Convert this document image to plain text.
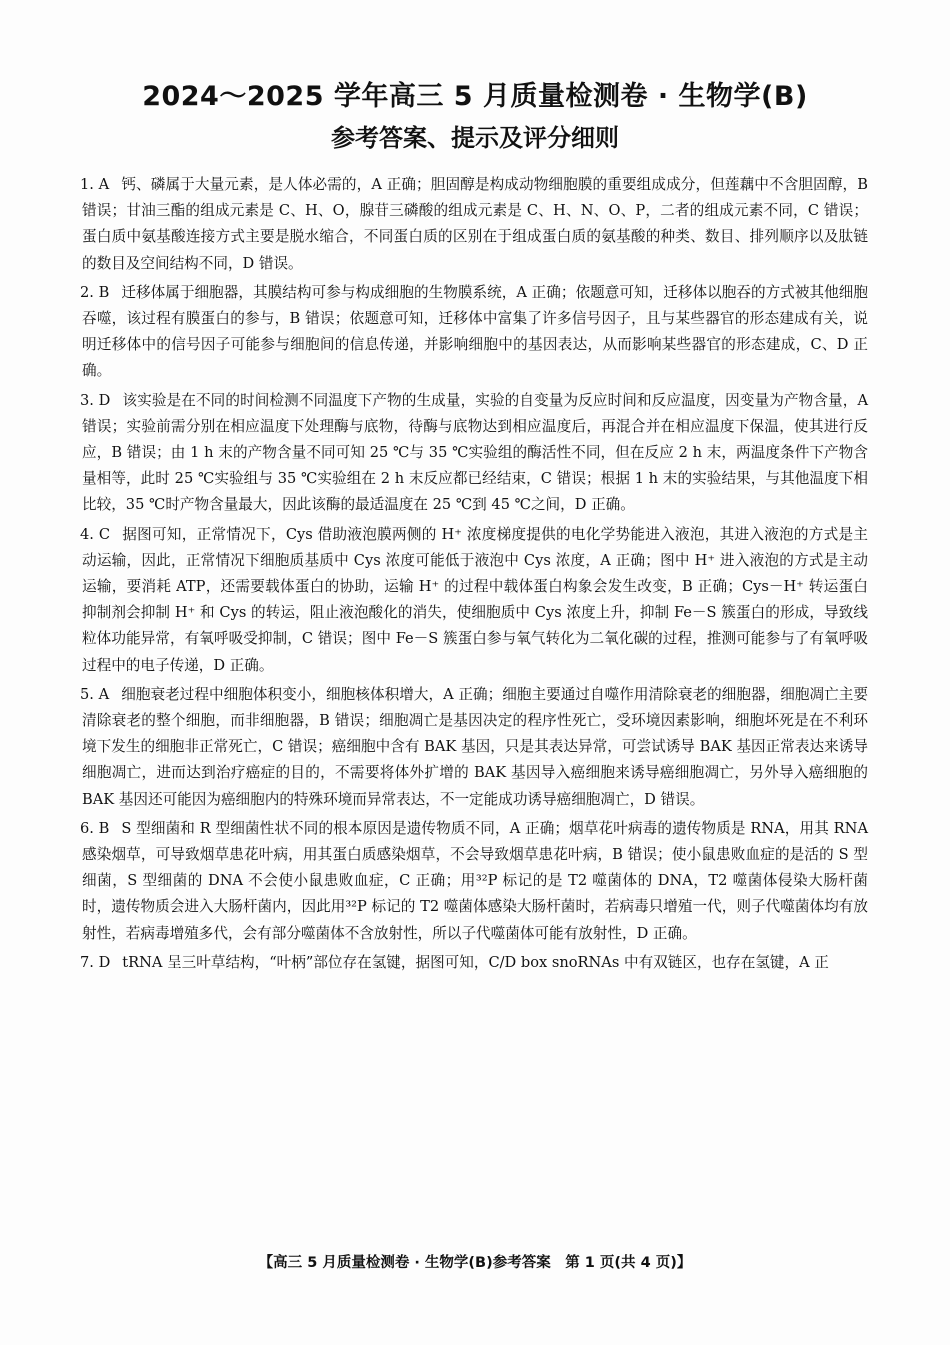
2024～2025 学年高三 5 月质量检测卷 · 生物学(B)
参考答案、提示及评分细则

1. A 钙、磷属于大量元素，是人体必需的，A 正确；胆固醇是构成动物细胞膜的重要组成成分，但莲藕中不含胆固醇，B 错误；甘油三酯的组成元素是 C、H、O，腺苷三磷酸的组成元素是 C、H、N、O、P，二者的组成元素不同，C 错误；蛋白质中氨基酸连接方式主要是脱水缩合，不同蛋白质的区别在于组成蛋白质的氨基酸的种类、数目、排列顺序以及肽链的数目及空间结构不同，D 错误。

2. B 迁移体属于细胞器，其膜结构可参与构成细胞的生物膜系统，A 正确；依题意可知，迁移体以胞吞的方式被其他细胞吞噬，该过程有膜蛋白的参与，B 错误；依题意可知，迁移体中富集了许多信号因子，且与某些器官的形态建成有关，说明迁移体中的信号因子可能参与细胞间的信息传递，并影响细胞中的基因表达，从而影响某些器官的形态建成，C、D 正确。

3. D 该实验是在不同的时间检测不同温度下产物的生成量，实验的自变量为反应时间和反应温度，因变量为产物含量，A 错误；实验前需分别在相应温度下处理酶与底物，待酶与底物达到相应温度后，再混合并在相应温度下保温，使其进行反应，B 错误；由 1 h 末的产物含量不同可知 25 ℃与 35 ℃实验组的酶活性不同，但在反应 2 h 末，两温度条件下产物含量相等，此时 25 ℃实验组与 35 ℃实验组在 2 h 末反应都已经结束，C 错误；根据 1 h 末的实验结果，与其他温度下相比较，35 ℃时产物含量最大，因此该酶的最适温度在 25 ℃到 45 ℃之间，D 正确。

4. C 据图可知，正常情况下，Cys 借助液泡膜两侧的 H⁺ 浓度梯度提供的电化学势能进入液泡，其进入液泡的方式是主动运输，因此，正常情况下细胞质基质中 Cys 浓度可能低于液泡中 Cys 浓度，A 正确；图中 H⁺ 进入液泡的方式是主动运输，要消耗 ATP，还需要载体蛋白的协助，运输 H⁺ 的过程中载体蛋白构象会发生改变，B 正确；Cys－H⁺ 转运蛋白抑制剂会抑制 H⁺ 和 Cys 的转运，阻止液泡酸化的消失，使细胞质中 Cys 浓度上升，抑制 Fe－S 簇蛋白的形成，导致线粒体功能异常，有氧呼吸受抑制，C 错误；图中 Fe－S 簇蛋白参与氧气转化为二氧化碳的过程，推测可能参与了有氧呼吸过程中的电子传递，D 正确。

5. A 细胞衰老过程中细胞体积变小，细胞核体积增大，A 正确；细胞主要通过自噬作用清除衰老的细胞器，细胞凋亡主要清除衰老的整个细胞，而非细胞器，B 错误；细胞凋亡是基因决定的程序性死亡，受环境因素影响，细胞坏死是在不利环境下发生的细胞非正常死亡，C 错误；癌细胞中含有 BAK 基因，只是其表达异常，可尝试诱导 BAK 基因正常表达来诱导细胞凋亡，进而达到治疗癌症的目的，不需要将体外扩增的 BAK 基因导入癌细胞来诱导癌细胞凋亡，另外导入癌细胞的 BAK 基因还可能因为癌细胞内的特殊环境而异常表达，不一定能成功诱导癌细胞凋亡，D 错误。

6. B S 型细菌和 R 型细菌性状不同的根本原因是遗传物质不同，A 正确；烟草花叶病毒的遗传物质是 RNA，用其 RNA 感染烟草，可导致烟草患花叶病，用其蛋白质感染烟草，不会导致烟草患花叶病，B 错误；使小鼠患败血症的是活的 S 型细菌，S 型细菌的 DNA 不会使小鼠患败血症，C 正确；用³²P 标记的是 T2 噬菌体的 DNA，T2 噬菌体侵染大肠杆菌时，遗传物质会进入大肠杆菌内，因此用³²P 标记的 T2 噬菌体感染大肠杆菌时，若病毒只增殖一代，则子代噬菌体均有放射性，若病毒增殖多代，会有部分噬菌体不含放射性，所以子代噬菌体可能有放射性，D 正确。

7. D tRNA 呈三叶草结构，“叶柄”部位存在氢键，据图可知，C/D box snoRNAs 中有双链区，也存在氢键，A 正

【高三 5 月质量检测卷 · 生物学(B)参考答案　第 1 页(共 4 页)】
